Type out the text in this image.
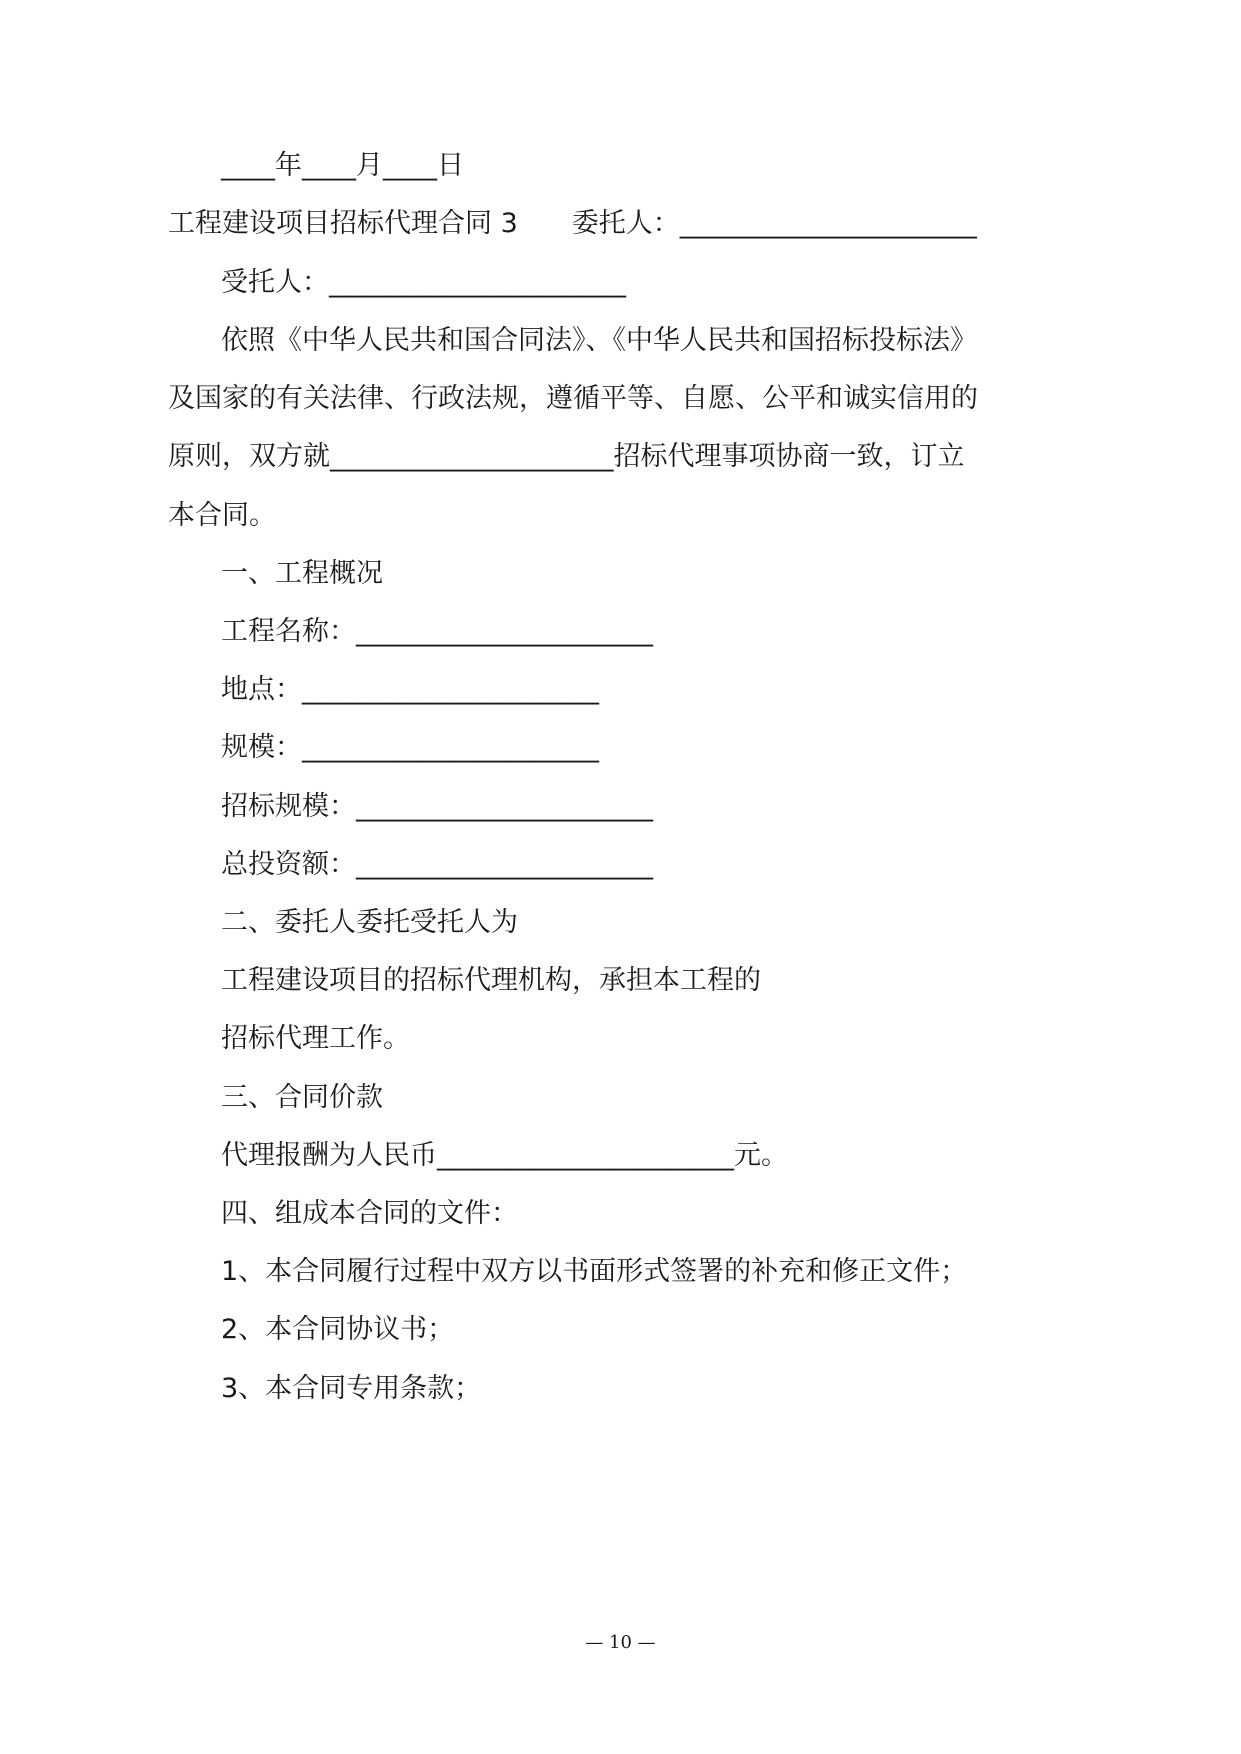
____年____月____日
工程建设项目招标代理合同 3　　委托人：______________________
受托人：______________________
依照《中华人民共和国合同法》、《中华人民共和国招标投标法》
及国家的有关法律、行政法规，遵循平等、自愿、公平和诚实信用的
原则，双方就_____________________招标代理事项协商一致，订立
本合同。
一、工程概况
工程名称：______________________
地点：______________________
规模：______________________
招标规模：______________________
总投资额：______________________
二、委托人委托受托人为
工程建设项目的招标代理机构，承担本工程的
招标代理工作。
三、合同价款
代理报酬为人民币______________________元。
四、组成本合同的文件：
1、本合同履行过程中双方以书面形式签署的补充和修正文件；
2、本合同协议书；
3、本合同专用条款；
— 10 —
